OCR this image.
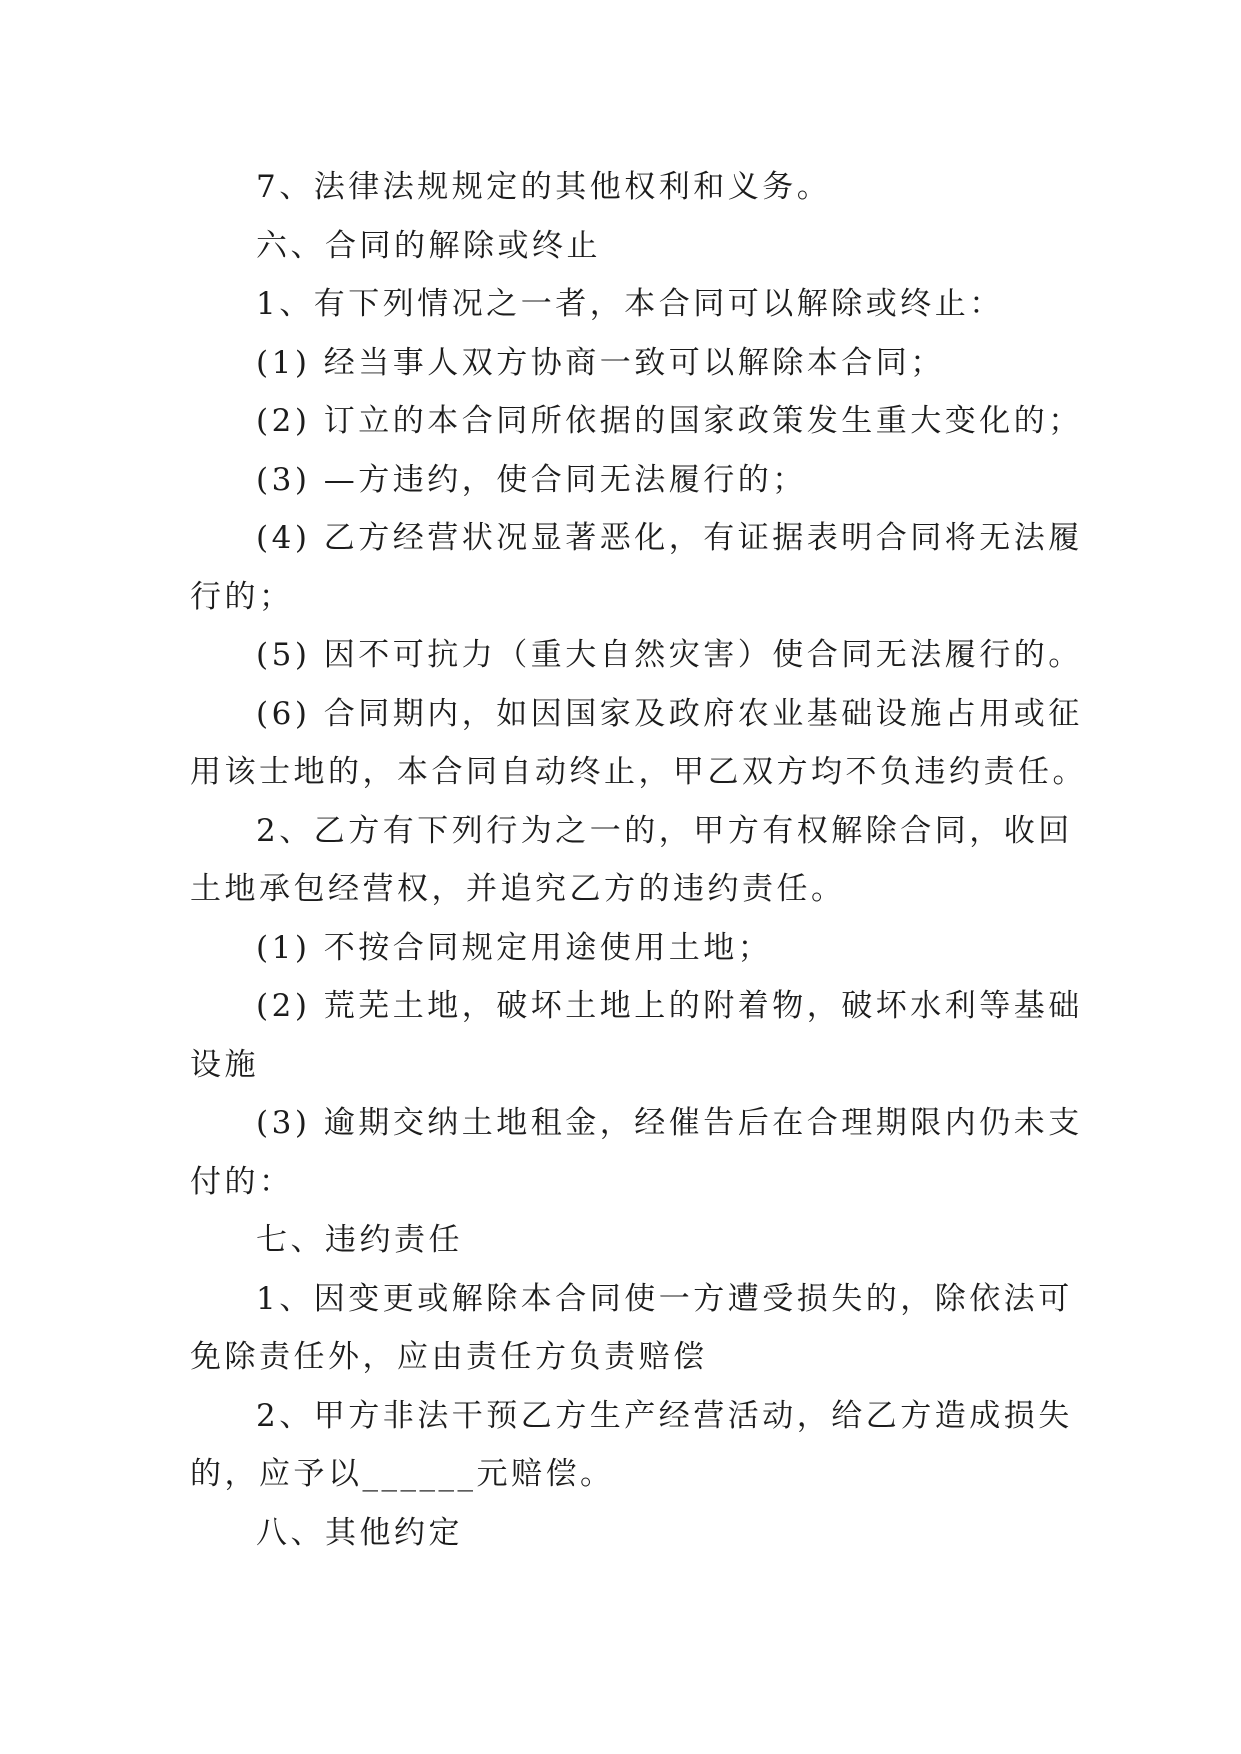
7、法律法规规定的其他权利和义务。

六、合同的解除或终止

1、有下列情况之一者，本合同可以解除或终止：

(1) 经当事人双方协商一致可以解除本合同；

(2) 订立的本合同所依据的国家政策发生重大变化的；

(3) —方违约，使合同无法履行的；

(4) 乙方经营状况显著恶化，有证据表明合同将无法履

行的；

(5) 因不可抗力（重大自然灾害）使合同无法履行的。

(6) 合同期内，如因国家及政府农业基础设施占用或征

用该士地的，本合同自动终止，甲乙双方均不负违约责任。

2、乙方有下列行为之一的，甲方有权解除合同，收回

土地承包经营权，并追究乙方的违约责任。

(1) 不按合同规定用途使用土地；

(2) 荒芜土地，破坏土地上的附着物，破坏水利等基础

设施

(3) 逾期交纳土地租金，经催告后在合理期限内仍未支

付的：

七、违约责任

1、因变更或解除本合同使一方遭受损失的，除依法可

免除责任外，应由责任方负责赔偿

2、甲方非法干预乙方生产经营活动，给乙方造成损失

的，应予以______元赔偿。

八、其他约定
